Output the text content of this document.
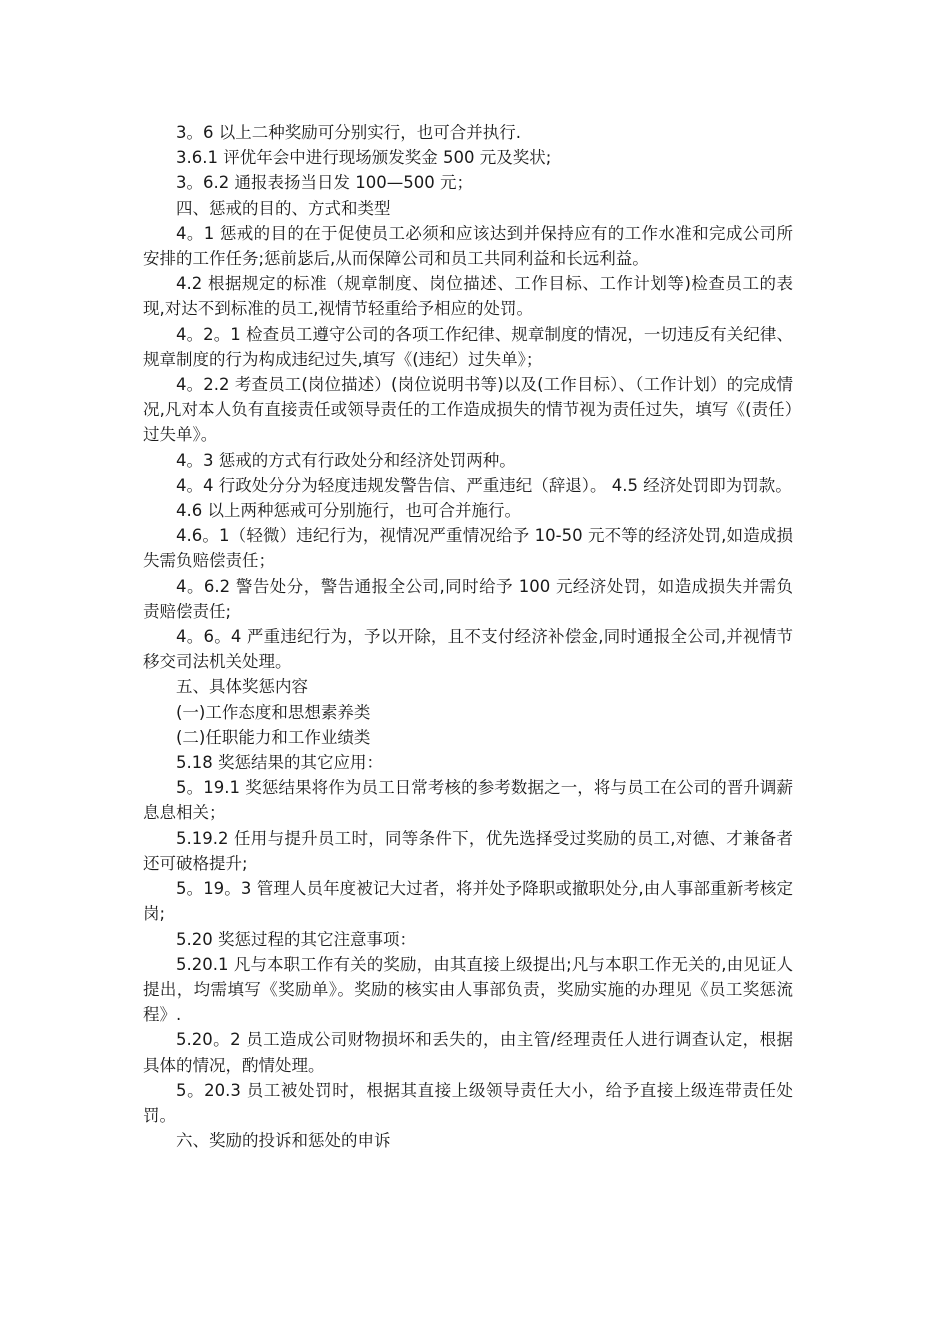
3。6 以上二种奖励可分别实行，也可合并执行.

3.6.1 评优年会中进行现场颁发奖金 500 元及奖状;

3。6.2 通报表扬当日发 100—500 元；

四、惩戒的目的、方式和类型

4。1 惩戒的目的在于促使员工必须和应该达到并保持应有的工作水准和完成公司所安排的工作任务;惩前毖后,从而保障公司和员工共同利益和长远利益。

4.2 根据规定的标准（规章制度、岗位描述、工作目标、工作计划等)检查员工的表现,对达不到标准的员工,视情节轻重给予相应的处罚。

4。2。1 检查员工遵守公司的各项工作纪律、规章制度的情况，一切违反有关纪律、规章制度的行为构成违纪过失,填写《(违纪）过失单》；

4。2.2 考查员工(岗位描述）(岗位说明书等)以及(工作目标）、（工作计划）的完成情况,凡对本人负有直接责任或领导责任的工作造成损失的情节视为责任过失，填写《(责任）过失单》。

4。3 惩戒的方式有行政处分和经济处罚两种。

4。4 行政处分分为轻度违规发警告信、严重违纪（辞退）。 4.5 经济处罚即为罚款。

4.6 以上两种惩戒可分别施行，也可合并施行。

4.6。1（轻微）违纪行为，视情况严重情况给予 10-50 元不等的经济处罚,如造成损失需负赔偿责任；

4。6.2 警告处分，警告通报全公司,同时给予 100 元经济处罚，如造成损失并需负责赔偿责任;

4。6。4 严重违纪行为，予以开除，且不支付经济补偿金,同时通报全公司,并视情节移交司法机关处理。

五、具体奖惩内容

(一)工作态度和思想素养类

(二)任职能力和工作业绩类

5.18 奖惩结果的其它应用：

5。19.1 奖惩结果将作为员工日常考核的参考数据之一，将与员工在公司的晋升调薪息息相关；

5.19.2 任用与提升员工时，同等条件下，优先选择受过奖励的员工,对德、才兼备者还可破格提升;

5。19。3 管理人员年度被记大过者，将并处予降职或撤职处分,由人事部重新考核定岗;

5.20 奖惩过程的其它注意事项：

5.20.1 凡与本职工作有关的奖励，由其直接上级提出;凡与本职工作无关的,由见证人提出，均需填写《奖励单》。奖励的核实由人事部负责，奖励实施的办理见《员工奖惩流程》.

5.20。2 员工造成公司财物损坏和丢失的，由主管/经理责任人进行调查认定，根据具体的情况，酌情处理。

5。20.3 员工被处罚时，根据其直接上级领导责任大小，给予直接上级连带责任处罚。

六、奖励的投诉和惩处的申诉
